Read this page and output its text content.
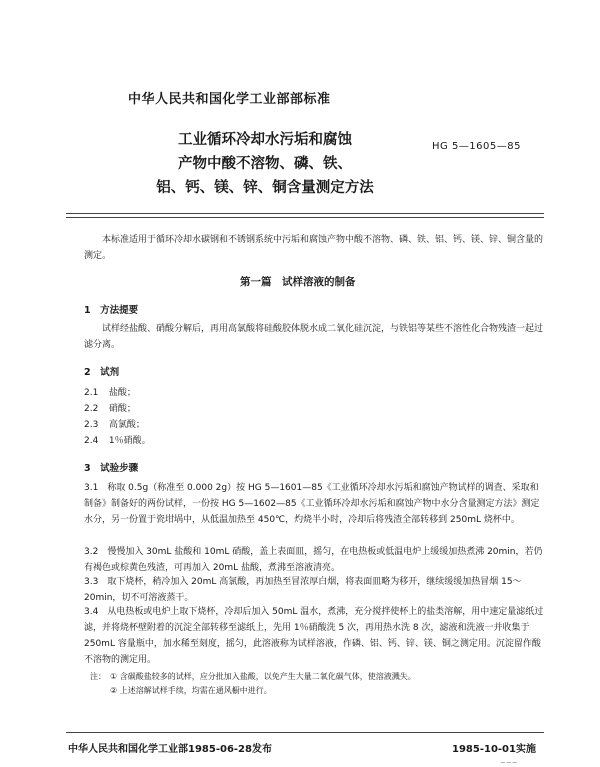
中华人民共和国化学工业部部标准
工业循环冷却水污垢和腐蚀
产物中酸不溶物、磷、铁、
铝、钙、镁、锌、铜含量测定方法
HG 5—1605—85
本标准适用于循环冷却水碳钢和不锈钢系统中污垢和腐蚀产物中酸不溶物、磷、铁、铝、钙、镁、锌、铜含量的测定。
第一篇　试样溶液的制备
1　方法提要
试样经盐酸、硝酸分解后，再用高氯酸将硅酸胶体脱水成二氧化硅沉淀，与铁铝等某些不溶性化合物残渣一起过滤分离。
2　试剂
2.1 盐酸；
2.2 硝酸；
2.3 高氯酸；
2.4 1％硝酸。
3　试验步骤
3.1　称取 0.5g（称准至 0.000 2g）按 HG 5—1601—85《工业循环冷却水污垢和腐蚀产物试样的调查、采取和制备》制备好的两份试样，一份按 HG 5—1602—85《工业循环冷却水污垢和腐蚀产物中水分含量测定方法》测定水分，另一份置于瓷坩埚中，从低温加热至 450℃，灼烧半小时，冷却后将残渣全部转移到 250mL 烧杯中。
3.2　慢慢加入 30mL 盐酸和 10mL 硝酸，盖上表面皿，摇匀，在电热板或低温电炉上缓缓加热煮沸 20min，若仍有褐色或棕黄色残渣，可再加入 20mL 盐酸，煮沸至溶液清亮。
3.3　取下烧杯，稍冷加入 20mL 高氯酸，再加热至冒浓厚白烟，将表面皿略为移开，继续缓缓加热冒烟 15～20min，切不可溶液蒸干。
3.4　从电热板或电炉上取下烧杯，冷却后加入 50mL 温水，煮沸，充分搅拌使杯上的盐类溶解，用中速定量滤纸过滤，并将烧杯壁附着的沉淀全部转移至滤纸上，先用 1％硝酸洗 5 次，再用热水洗 8 次，滤液和洗液一并收集于 250mL 容量瓶中，加水稀至刻度，摇匀，此溶液称为试样溶液，作磷、铝、钙、锌、镁、铜之测定用。沉淀留作酸不溶物的测定用。
注： ① 含碳酸盐较多的试样，应分批加入盐酸，以免产生大量二氧化碳气体，使溶液溅失。
② 上述溶解试样手续，均需在通风橱中进行。
中华人民共和国化学工业部1985-06-28发布	1985-10-01实施
~~~
